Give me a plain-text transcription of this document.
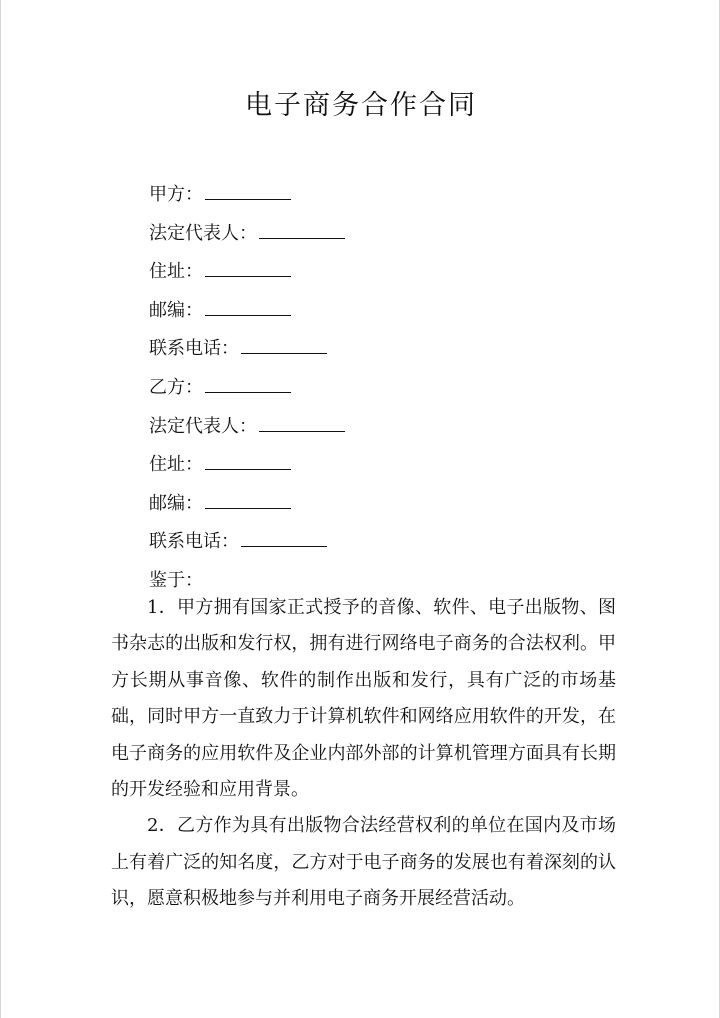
电子商务合作合同
甲方：
法定代表人：
住址：
邮编：
联系电话：
乙方：
法定代表人：
住址：
邮编：
联系电话：
鉴于：

1．甲方拥有国家正式授予的音像、软件、电子出版物、图书杂志的出版和发行权，拥有进行网络电子商务的合法权利。甲方长期从事音像、软件的制作出版和发行，具有广泛的市场基础，同时甲方一直致力于计算机软件和网络应用软件的开发，在电子商务的应用软件及企业内部外部的计算机管理方面具有长期的开发经验和应用背景。

2．乙方作为具有出版物合法经营权利的单位在国内及市场上有着广泛的知名度，乙方对于电子商务的发展也有着深刻的认识，愿意积极地参与并利用电子商务开展经营活动。
